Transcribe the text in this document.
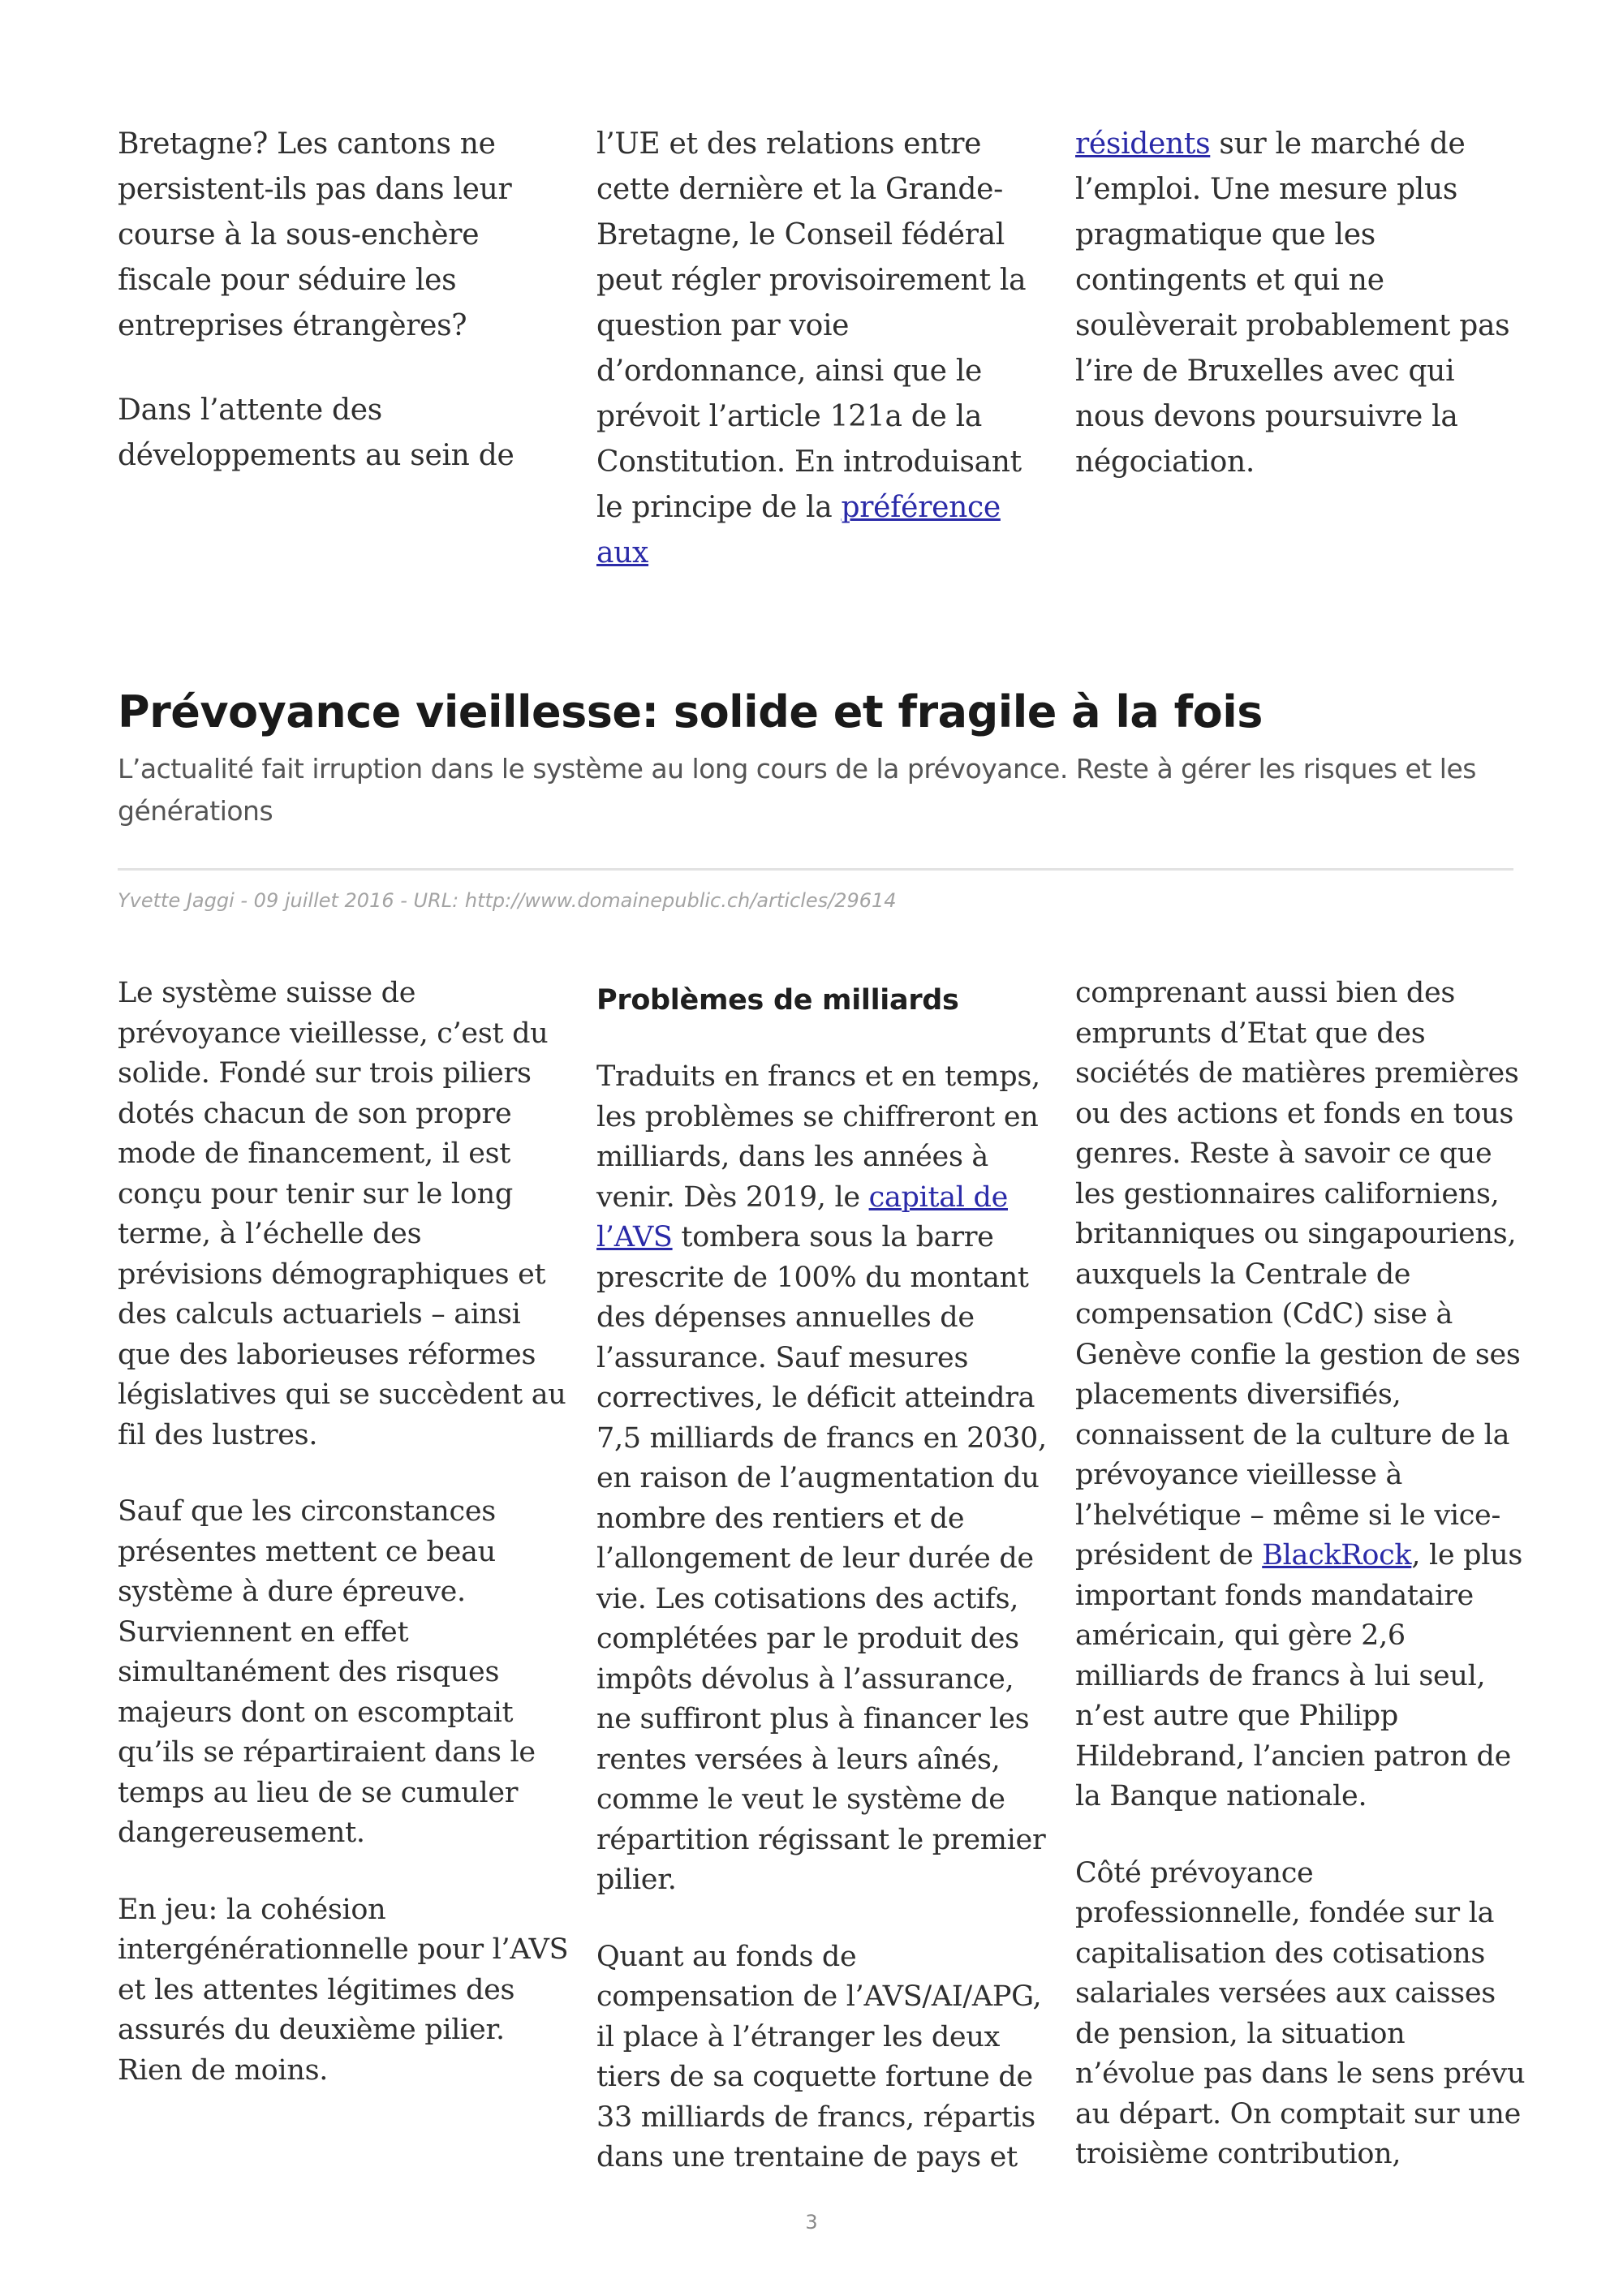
Bretagne? Les cantons ne persistent-ils pas dans leur course à la sous-enchère fiscale pour séduire les entreprises étrangères?

Dans l’attente des développements au sein de

l’UE et des relations entre cette dernière et la Grande-Bretagne, le Conseil fédéral peut régler provisoirement la question par voie d’ordonnance, ainsi que le prévoit l’article 121a de la Constitution. En introduisant le principe de la préférence aux

résidents sur le marché de l’emploi. Une mesure plus pragmatique que les contingents et qui ne soulèverait probablement pas l’ire de Bruxelles avec qui nous devons poursuivre la négociation.

Prévoyance vieillesse: solide et fragile à la fois

L’actualité fait irruption dans le système au long cours de la prévoyance. Reste à gérer les risques et les générations

Yvette Jaggi - 09 juillet 2016 - URL: http://www.domainepublic.ch/articles/29614

Le système suisse de prévoyance vieillesse, c’est du solide. Fondé sur trois piliers dotés chacun de son propre mode de financement, il est conçu pour tenir sur le long terme, à l’échelle des prévisions démographiques et des calculs actuariels – ainsi que des laborieuses réformes législatives qui se succèdent au fil des lustres.

Sauf que les circonstances présentes mettent ce beau système à dure épreuve. Surviennent en effet simultanément des risques majeurs dont on escomptait qu’ils se répartiraient dans le temps au lieu de se cumuler dangereusement.

En jeu: la cohésion intergénérationnelle pour l’AVS et les attentes légitimes des assurés du deuxième pilier. Rien de moins.

Problèmes de milliards

Traduits en francs et en temps, les problèmes se chiffreront en milliards, dans les années à venir. Dès 2019, le capital de l’AVS tombera sous la barre prescrite de 100% du montant des dépenses annuelles de l’assurance. Sauf mesures correctives, le déficit atteindra 7,5 milliards de francs en 2030, en raison de l’augmentation du nombre des rentiers et de l’allongement de leur durée de vie. Les cotisations des actifs, complétées par le produit des impôts dévolus à l’assurance, ne suffiront plus à financer les rentes versées à leurs aînés, comme le veut le système de répartition régissant le premier pilier.

Quant au fonds de compensation de l’AVS/AI/APG, il place à l’étranger les deux tiers de sa coquette fortune de 33 milliards de francs, répartis dans une trentaine de pays et

comprenant aussi bien des emprunts d’Etat que des sociétés de matières premières ou des actions et fonds en tous genres. Reste à savoir ce que les gestionnaires californiens, britanniques ou singapouriens, auxquels la Centrale de compensation (CdC) sise à Genève confie la gestion de ses placements diversifiés, connaissent de la culture de la prévoyance vieillesse à l’helvétique – même si le vice-président de BlackRock, le plus important fonds mandataire américain, qui gère 2,6 milliards de francs à lui seul, n’est autre que Philipp Hildebrand, l’ancien patron de la Banque nationale.

Côté prévoyance professionnelle, fondée sur la capitalisation des cotisations salariales versées aux caisses de pension, la situation n’évolue pas dans le sens prévu au départ. On comptait sur une troisième contribution,

3
